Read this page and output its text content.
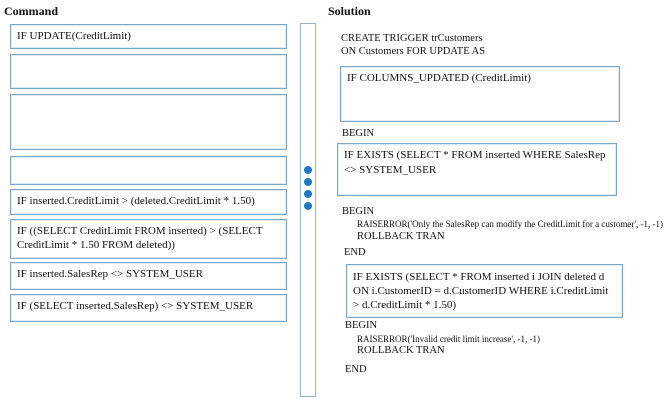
Command	Solution
IF UPDATE(CreditLimit)
IF inserted.CreditLimit > (deleted.CreditLimit * 1.50)
IF ((SELECT CreditLimit FROM inserted) > (SELECT CreditLimit * 1.50 FROM deleted))
IF inserted.SalesRep <> SYSTEM_USER
IF (SELECT inserted.SalesRep) <> SYSTEM_USER
CREATE TRIGGER trCustomers
ON Customers FOR UPDATE AS
IF COLUMNS_UPDATED (CreditLimit)
BEGIN
IF EXISTS (SELECT * FROM inserted WHERE SalesRep <> SYSTEM_USER
BEGIN
RAISERROR('Only the SalesRep can modify the CreditLimit for a customer', -1, -1)
ROLLBACK TRAN
END
IF EXISTS (SELECT * FROM inserted i JOIN deleted d ON i.CustomerID = d.CustomerID WHERE i.CreditLimit > d.CreditLimit * 1.50)
BEGIN
RAISERROR('Invalid credit limit increase', -1, -1)
ROLLBACK TRAN
END
